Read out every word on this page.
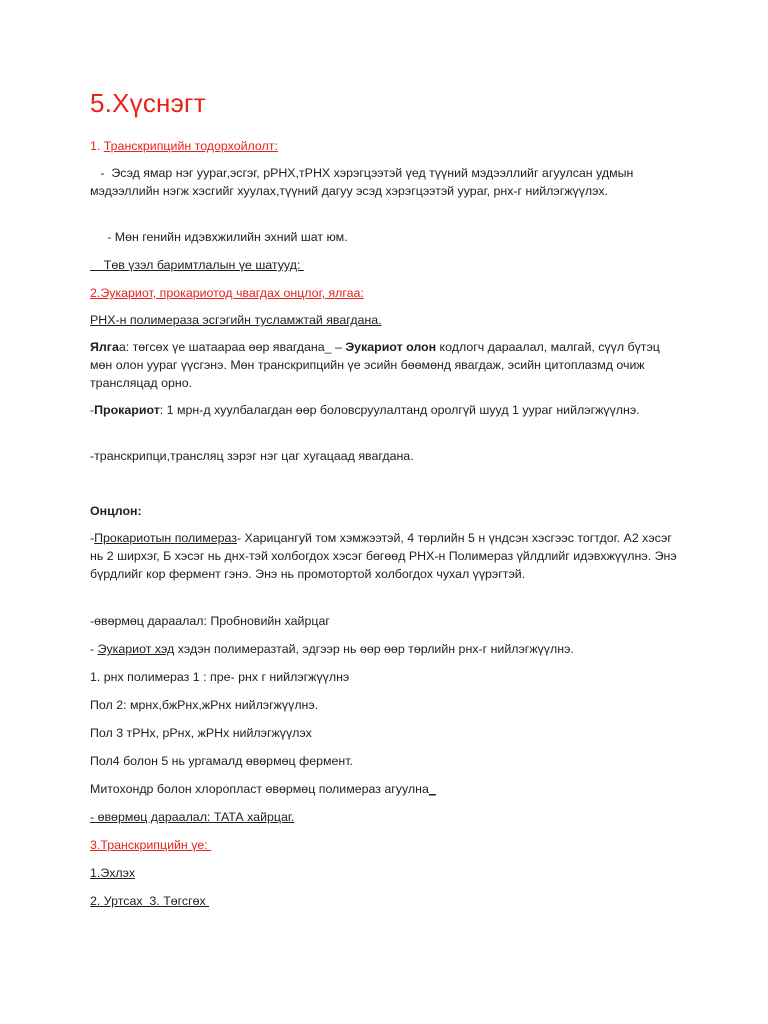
5.Хүснэгт

1. Транскрипцийн тодорхойлолт:

-  Эсэд ямар нэг ууpar,эсгэг, рРНХ,тРНХ хэрэгцээтэй үед түүний мэдээллийг агуулсан удмын мэдээллийн нэгж хэсгийг хуулах,түүний дагуу эсэд хэрэгцээтэй уураг, рнх-г нийлэгжүүлэх.

- Мөн генийн идэвхжилийн эхний шат юм.

Төв үзэл баримтлалын үе шатууд:

2.Эукариот, прокариотод чвагдах онцлог, ялгаа:

РНХ-н полимераза эсгэгийн тусламжтай явагдана.

Ялгаа: төгсөх үе шатаараа өөр явагдана_ – Эукариот олон кодлогч дараалал, малгай, сүүл бүтэц мөн олон уураг үүсгэнэ. Мөн транскрипцийн үе эсийн бөөмөнд явагдаж, эсийн цитоплазмд очиж трансляцад орно.

-Прокариот: 1 мрн-д хуулбалагдан өөр боловсруулалтанд оролгүй шууд 1 уураг нийлэгжүүлнэ.

-транскрипци,трансляц зэрэг нэг цаг хугацаад явагдана.

Онцлон:

-Прокариотын полимераз- Харицангуй том хэмжээтэй, 4 төрлийн 5 н үндсэн хэсгээс тогтдог. А2 хэсэг нь 2 ширхэг, Б хэсэг нь днх-тэй холбогдох хэсэг бөгөөд РНХ-н Полимераз үйлдлийг идэвхжүүлнэ. Энэ бүрдлийг кор фермент гэнэ. Энэ нь промотортой холбогдох чухал үүрэгтэй.

-өвөрмөц дараалал: Пробновийн хайрцаг

- Эукариот хэд хэдэн полимеразтай, эдгээр нь өөр өөр төрлийн рнх-г нийлэгжүүлнэ.

1. рнх полимераз 1 : пре- рнх г нийлэгжүүлнэ

Пол 2: мрнх,бжРнх,жРнх нийлэгжүүлнэ.

Пол 3 тРНх, рРнх, жРНх нийлэгжүүлэх

Пол4 болон 5 нь ургамалд өвөрмөц фермент.

Митохондр болон хлоропласт өвөрмөц полимераз агуулна_

- өвөрмөц дараалал: ТАТА хайрцаг.

3.Транскрипцийн үе:

1.Эхлэх

2. Уртсах  3. Төгсгөх
